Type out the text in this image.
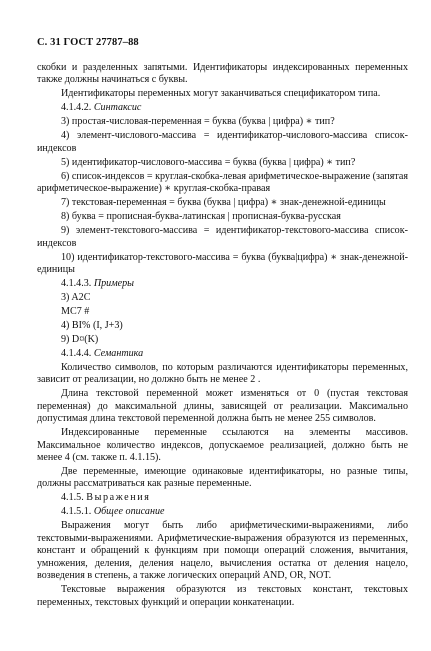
С. 31 ГОСТ 27787–88

скобки и разделенных запятыми. Идентификаторы индексированных переменных также должны начинаться с буквы.

Идентификаторы переменных могут заканчиваться спецификатором типа.

4.1.4.2. Синтаксис

3) простая-числовая-переменная = буква (буква | цифра) ∗ тип?

4) элемент-числового-массива = идентификатор-числового-массива список-индексов

5) идентификатор-числового-массива = буква (буква | цифра) ∗ тип?

6) список-индексов = круглая-скобка-левая арифметическое-выражение (запятая арифметическое-выражение) ∗ круглая-скобка-правая

7) текстовая-переменная = буква (буква | цифра) ∗ знак-денежной-единицы

8) буква = прописная-буква-латинская | прописная-буква-русская

9) элемент-текстового-массива = идентификатор-текстового-массива список-индексов

10) идентификатор-текстового-массива = буква (буква|цифра) ∗ знак-денежной-единицы

4.1.4.3. Примеры
3) A2C
MC7 #
4) BI% (I, J+3)
9) D¤(K)
4.1.4.4. Семантика

Количество символов, по которым различаются идентификаторы переменных, зависит от реализации, но должно быть не менее 2 .

Длина текстовой переменной может изменяться от 0 (пустая текстовая переменная) до максимальной длины, зависящей от реализации. Максимально допустимая длина текстовой переменной должна быть не менее 255 символов.

Индексированные переменные ссылаются на элементы массивов. Максимальное количество индексов, допускаемое реализацией, должно быть не менее 4 (см. также п. 4.1.15).

Две переменные, имеющие одинаковые идентификаторы, но разные типы, должны рассматриваться как разные переменные.

4.1.5. Выражения
4.1.5.1. Общее описание

Выражения могут быть либо арифметическими-выражениями, либо текстовыми-выражениями. Арифметические-выражения образуются из переменных, констант и обращений к функциям при помощи операций сложения, вычитания, умножения, деления, деления нацело, вычисления остатка от деления нацело, возведения в степень, а также логических операций AND, OR, NOT.

Текстовые выражения образуются из текстовых констант, текстовых переменных, текстовых функций и операции конкатенации.
